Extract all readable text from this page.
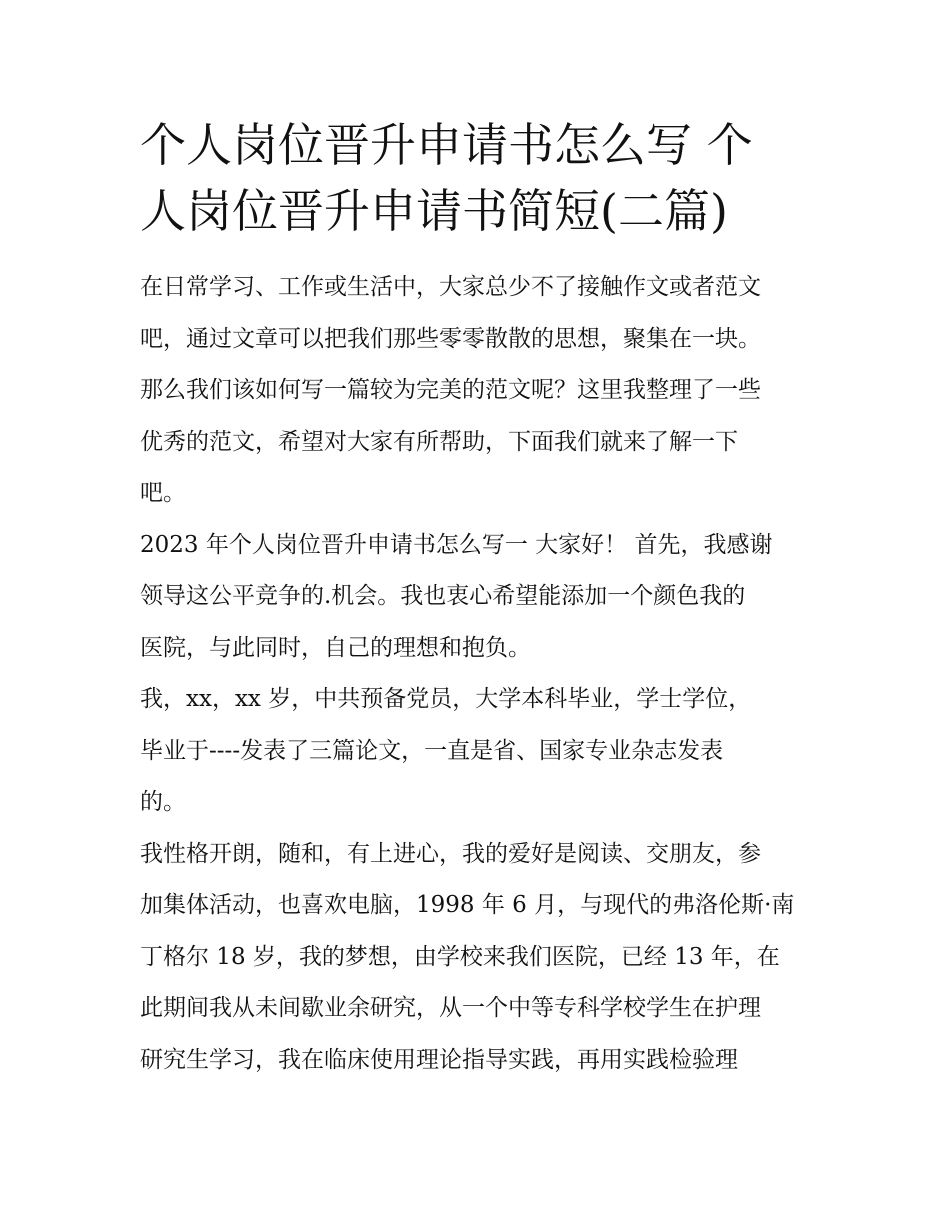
个人岗位晋升申请书怎么写 个
人岗位晋升申请书简短(二篇)
在日常学习、工作或生活中，大家总少不了接触作文或者范文
吧，通过文章可以把我们那些零零散散的思想，聚集在一块。
那么我们该如何写一篇较为完美的范文呢？这里我整理了一些
优秀的范文，希望对大家有所帮助，下面我们就来了解一下
吧。
2023 年个人岗位晋升申请书怎么写一 大家好！ 首先，我感谢
领导这公平竞争的.机会。我也衷心希望能添加一个颜色我的
医院，与此同时，自己的理想和抱负。
我，xx，xx 岁，中共预备党员，大学本科毕业，学士学位，
毕业于----发表了三篇论文，一直是省、国家专业杂志发表
的。
我性格开朗，随和，有上进心，我的爱好是阅读、交朋友，参
加集体活动，也喜欢电脑，1998 年 6 月，与现代的弗洛伦斯·南
丁格尔 18 岁，我的梦想，由学校来我们医院，已经 13 年，在
此期间我从未间歇业余研究，从一个中等专科学校学生在护理
研究生学习，我在临床使用理论指导实践，再用实践检验理
